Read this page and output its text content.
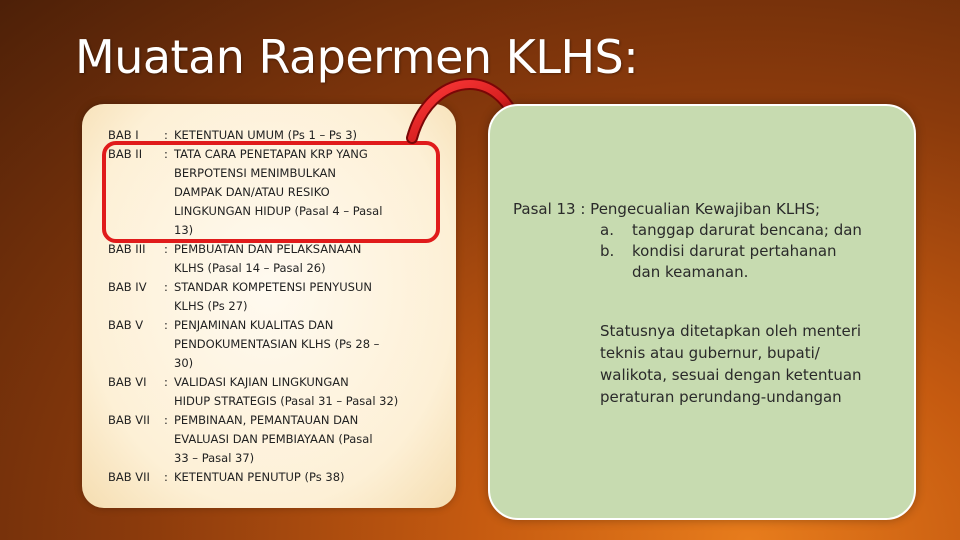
Muatan Rapermen KLHS:
BAB I	: KETENTUAN UMUM (Ps 1 – Ps 3)
BAB II	: TATA CARA PENETAPAN KRP YANG
BERPOTENSI MENIMBULKAN
DAMPAK DAN/ATAU RESIKO
LINGKUNGAN HIDUP (Pasal 4 – Pasal
13)
BAB III	: PEMBUATAN DAN PELAKSANAAN
KLHS (Pasal 14 – Pasal 26)
BAB IV	: STANDAR KOMPETENSI PENYUSUN
KLHS (Ps 27)
BAB V	: PENJAMINAN KUALITAS DAN
PENDOKUMENTASIAN KLHS (Ps 28 –
30)
BAB VI	: VALIDASI KAJIAN LINGKUNGAN
HIDUP STRATEGIS (Pasal 31 – Pasal 32)
BAB VII	: PEMBINAAN, PEMANTAUAN DAN
EVALUASI DAN PEMBIAYAAN (Pasal
33 – Pasal 37)
BAB VII	: KETENTUAN PENUTUP (Ps 38)
Pasal 13 : Pengecualian Kewajiban KLHS;
a.	tanggap darurat bencana; dan
b.	kondisi darurat pertahanan
dan keamanan.
Statusnya ditetapkan oleh menteri
teknis atau gubernur, bupati/
walikota, sesuai dengan ketentuan
peraturan perundang-undangan
